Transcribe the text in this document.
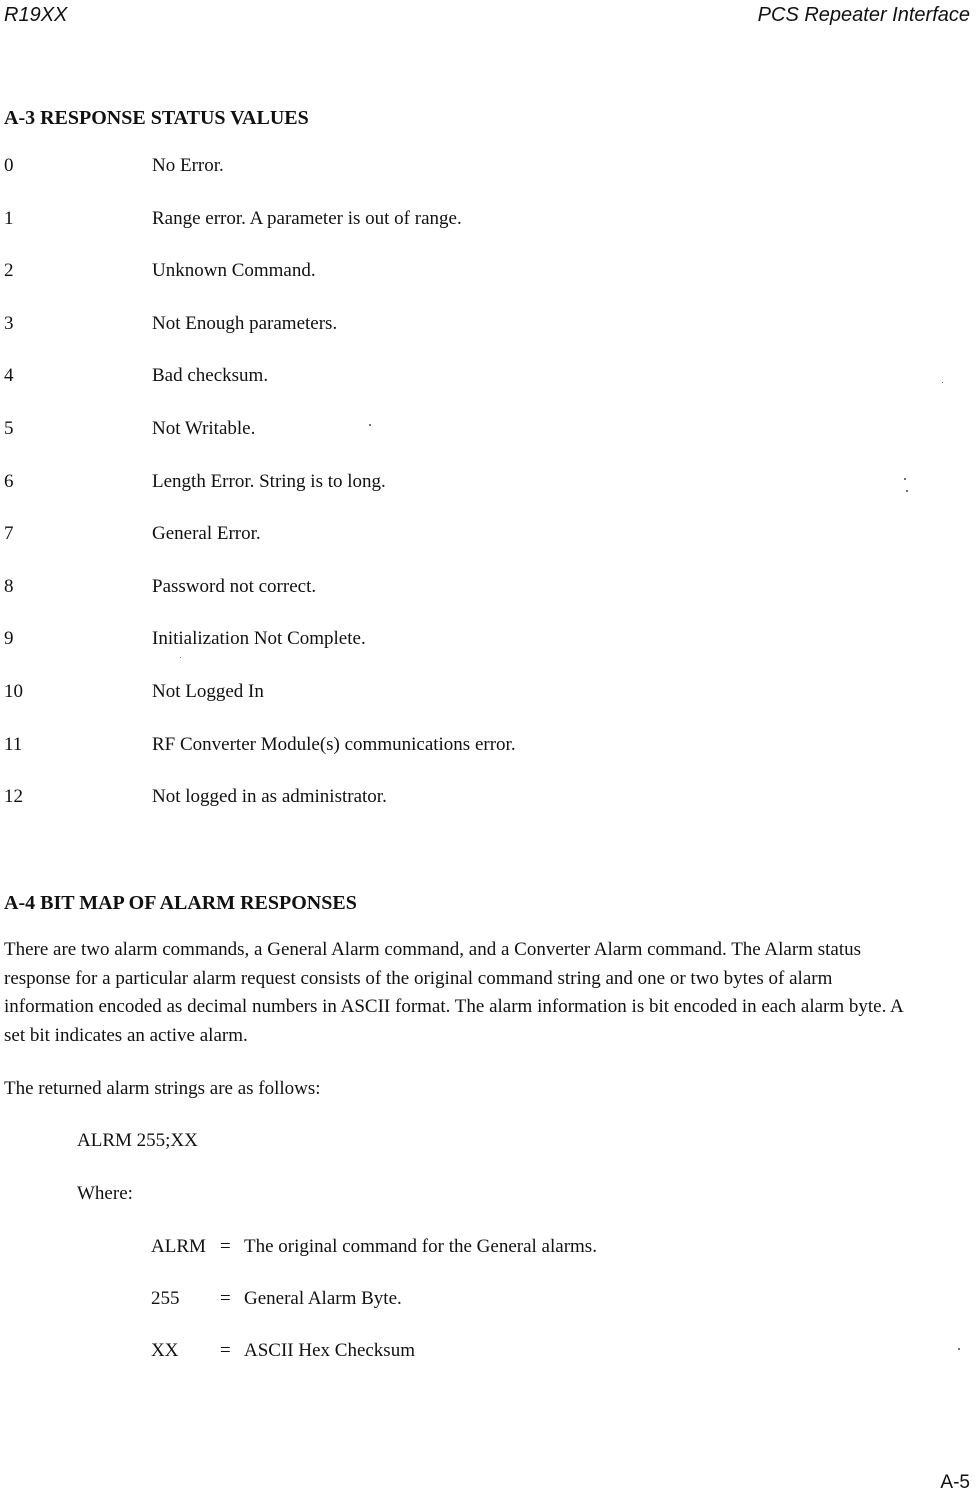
R19XX	PCS Repeater Interface
A-3 RESPONSE STATUS VALUES
0	No Error.
1	Range error. A parameter is out of range.
2	Unknown Command.
3	Not Enough parameters.
4	Bad checksum.
5	Not Writable.
6	Length Error. String is to long.
7	General Error.
8	Password not correct.
9	Initialization Not Complete.
10	Not Logged In
11	RF Converter Module(s) communications error.
12	Not logged in as administrator.
A-4 BIT MAP OF ALARM RESPONSES

There are two alarm commands, a General Alarm command, and a Converter Alarm command. The Alarm status response for a particular alarm request consists of the original command string and one or two bytes of alarm information encoded as decimal numbers in ASCII format. The alarm information is bit encoded in each alarm byte. A set bit indicates an active alarm.

The returned alarm strings are as follows:

ALRM 255;XX
Where:
ALRM = The original command for the General alarms.
255 = General Alarm Byte.
XX = ASCII Hex Checksum
A-5
